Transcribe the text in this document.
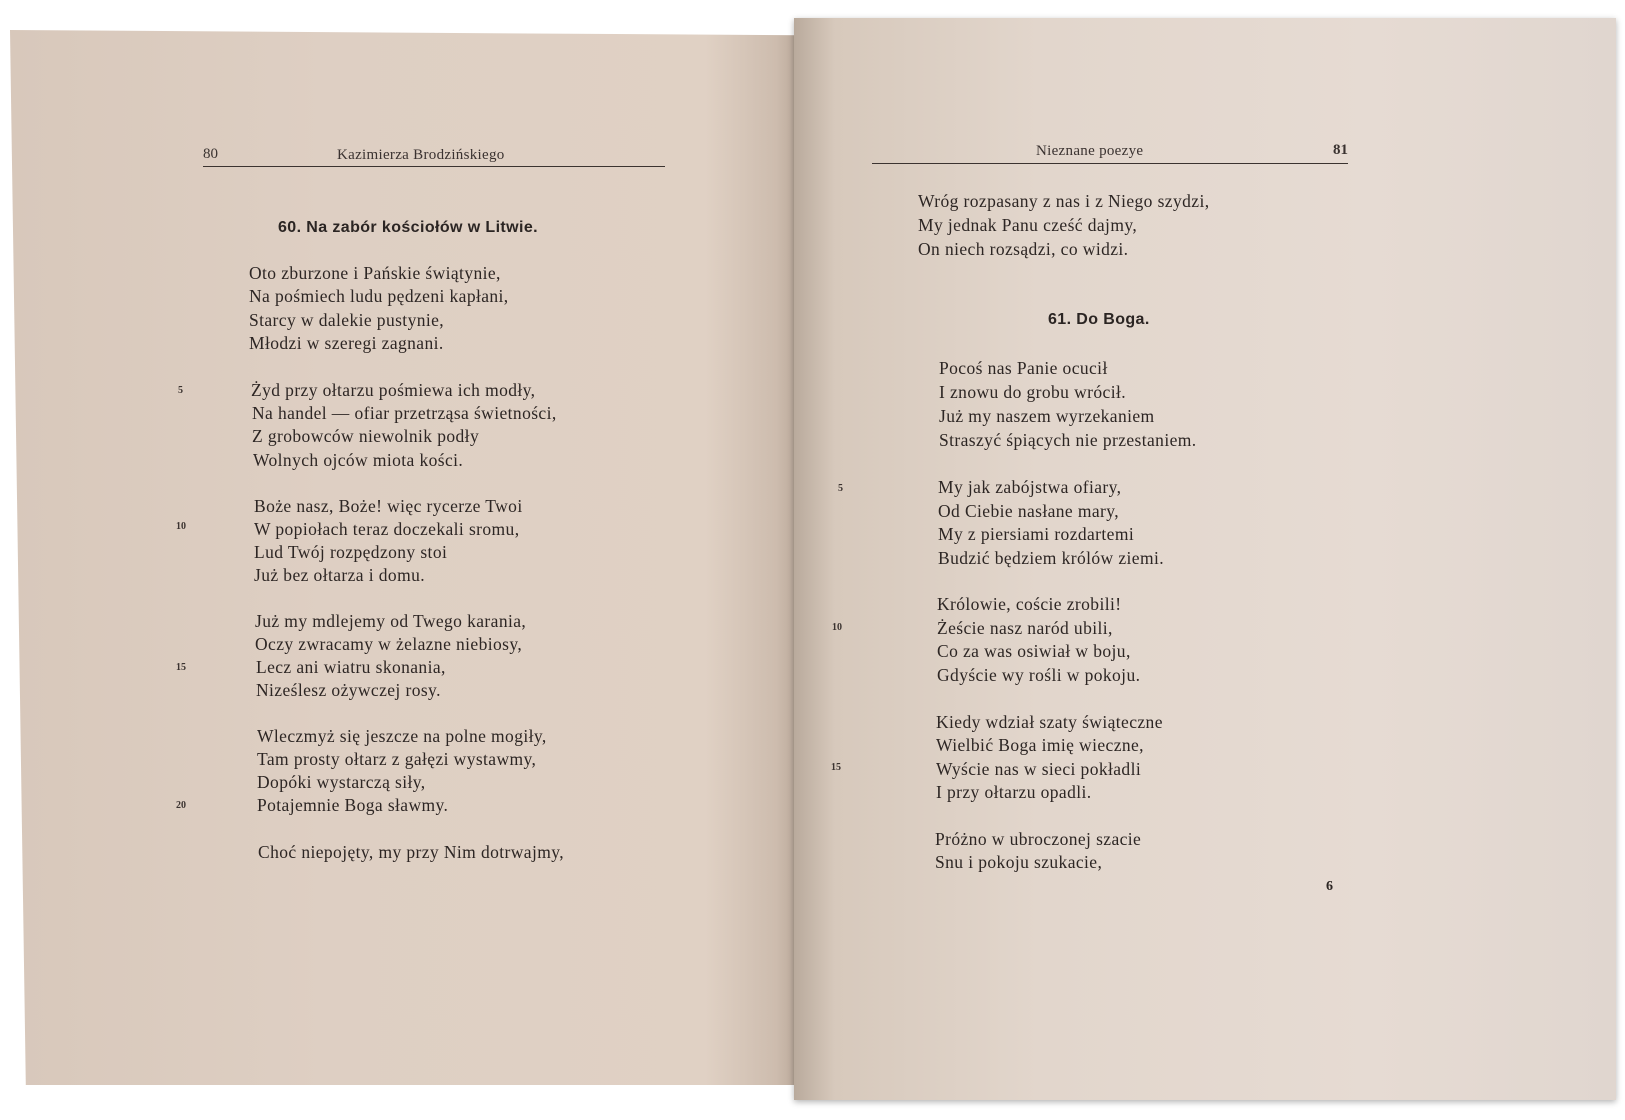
80	Kazimierza Brodzińskiego
60. Na zabór kościołów w Litwie.
Oto zburzone i Pańskie świątynie,
Na pośmiech ludu pędzeni kapłani,
Starcy w dalekie pustynie,
Młodzi w szeregi zagnani.
Żyd przy ołtarzu pośmiewa ich modły,
Na handel — ofiar przetrząsa świetności,
Z grobowców niewolnik podły
Wolnych ojców miota kości.
Boże nasz, Boże! więc rycerze Twoi
W popiołach teraz doczekali sromu,
Lud Twój rozpędzony stoi
Już bez ołtarza i domu.
Już my mdlejemy od Twego karania,
Oczy zwracamy w żelazne niebiosy,
Lecz ani wiatru skonania,
Niześlesz ożywczej rosy.
Wleczmyż się jeszcze na polne mogiły,
Tam prosty ołtarz z gałęzi wystawmy,
Dopóki wystarczą siły,
Potajemnie Boga sławmy.
Choć niepojęty, my przy Nim dotrwajmy,
5
10
15
20
Nieznane poezye	81
Wróg rozpasany z nas i z Niego szydzi,
My jednak Panu cześć dajmy,
On niech rozsądzi, co widzi.
61. Do Boga.
Pocoś nas Panie ocucił
I znowu do grobu wrócił.
Już my naszem wyrzekaniem
Straszyć śpiących nie przestaniem.
My jak zabójstwa ofiary,
Od Ciebie nasłane mary,
My z piersiami rozdartemi
Budzić będziem królów ziemi.
Królowie, coście zrobili!
Żeście nasz naród ubili,
Co za was osiwiał w boju,
Gdyście wy rośli w pokoju.
Kiedy wdział szaty świąteczne
Wielbić Boga imię wieczne,
Wyście nas w sieci pokładli
I przy ołtarzu opadli.
Próżno w ubroczonej szacie
Snu i pokoju szukacie,
5
10
15
6
